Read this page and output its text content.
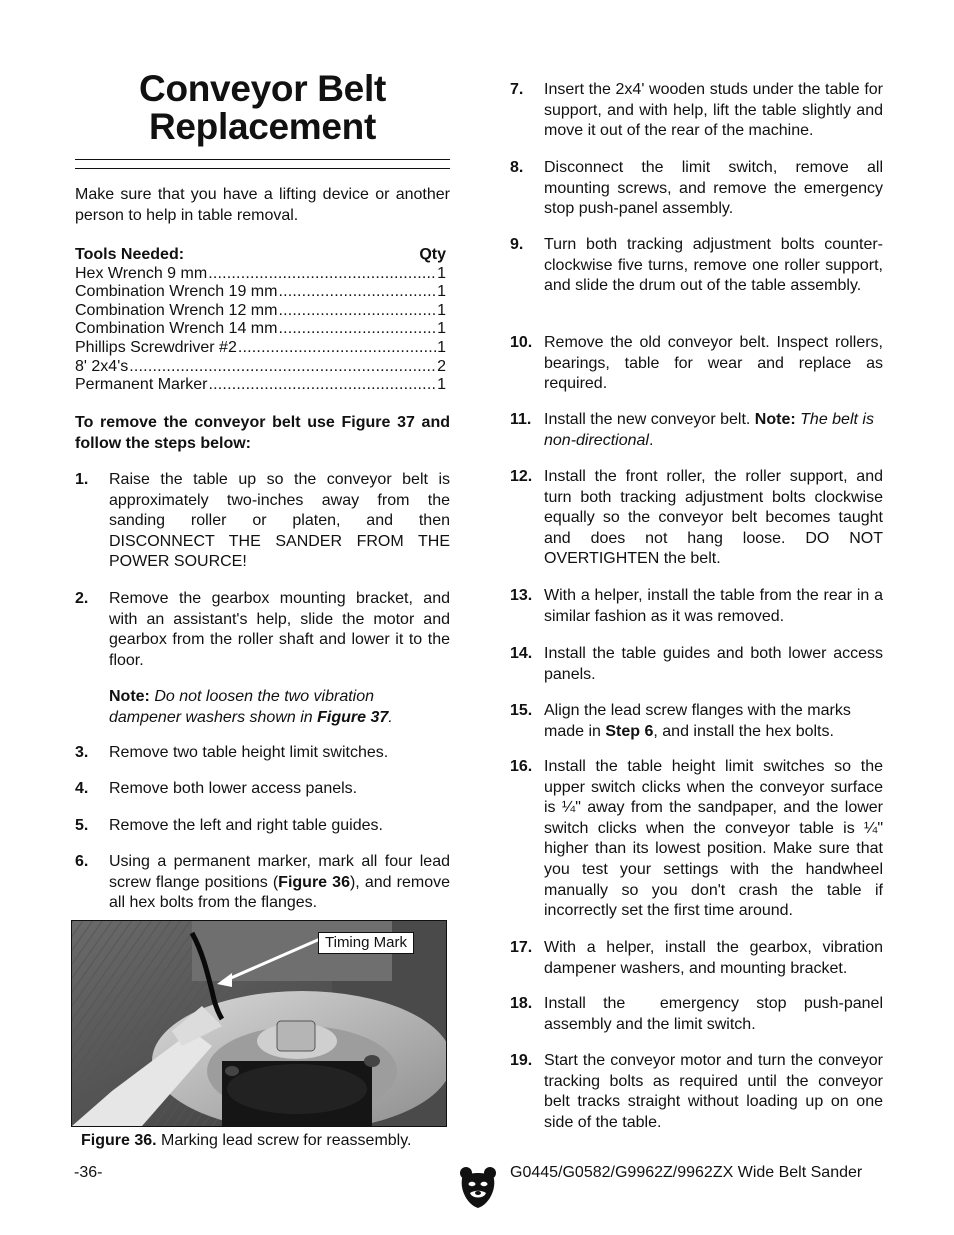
Conveyor Belt
Replacement
Make sure that you have a lifting device or another person to help in table removal.
Tools Needed:	Qty
Hex Wrench 9 mm .....	1
Combination Wrench 19 mm .....	1
Combination Wrench 12 mm .....	1
Combination Wrench 14 mm .....	1
Phillips Screwdriver #2 .....	1
8' 2x4's .....	2
Permanent Marker .....	1
To remove the conveyor belt use Figure 37 and follow the steps below:
1.	Raise the table up so the conveyor belt is approximately two-inches away from the sanding roller or platen, and then DISCONNECT THE SANDER FROM THE POWER SOURCE!
2.	Remove the gearbox mounting bracket, and with an assistant's help, slide the motor and gearbox from the roller shaft and lower it to the floor.
Note: Do not loosen the two vibration dampener washers shown in Figure 37.
3.	Remove two table height limit switches.
4.	Remove both lower access panels.
5.	Remove the left and right table guides.
6.	Using a permanent marker, mark all four lead screw flange positions (Figure 36), and remove all hex bolts from the flanges.
Timing Mark
Figure 36. Marking lead screw for reassembly.
7.	Insert the 2x4' wooden studs under the table for support, and with help, lift the table slightly and move it out of the rear of the machine.
8.	Disconnect the limit switch, remove all mounting screws, and remove the emergency stop push-panel assembly.
9.	Turn both tracking adjustment bolts counter-clockwise five turns, remove one roller support, and slide the drum out of the table assembly.
10. Remove the old conveyor belt. Inspect rollers, bearings, table for wear and replace as required.
11. Install the new conveyor belt. Note: The belt is non-directional.
12. Install the front roller, the roller support, and turn both tracking adjustment bolts clockwise equally so the conveyor belt becomes taught and does not hang loose. DO NOT OVERTIGHTEN the belt.
13. With a helper, install the table from the rear in a similar fashion as it was removed.
14. Install the table guides and both lower access panels.
15. Align the lead screw flanges with the marks made in Step 6, and install the hex bolts.
16. Install the table height limit switches so the upper switch clicks when the conveyor surface is ¼" away from the sandpaper, and the lower switch clicks when the conveyor table is ¼" higher than its lowest position. Make sure that you test your settings with the handwheel manually so you don't crash the table if incorrectly set the first time around.
17. With a helper, install the gearbox, vibration dampener washers, and mounting bracket.
18. Install the  emergency stop push-panel assembly and the limit switch.
19. Start the conveyor motor and turn the conveyor tracking bolts as required until the conveyor  belt tracks straight without loading up on one side of the table.
-36-	G0445/G0582/G9962Z/9962ZX Wide Belt Sander
